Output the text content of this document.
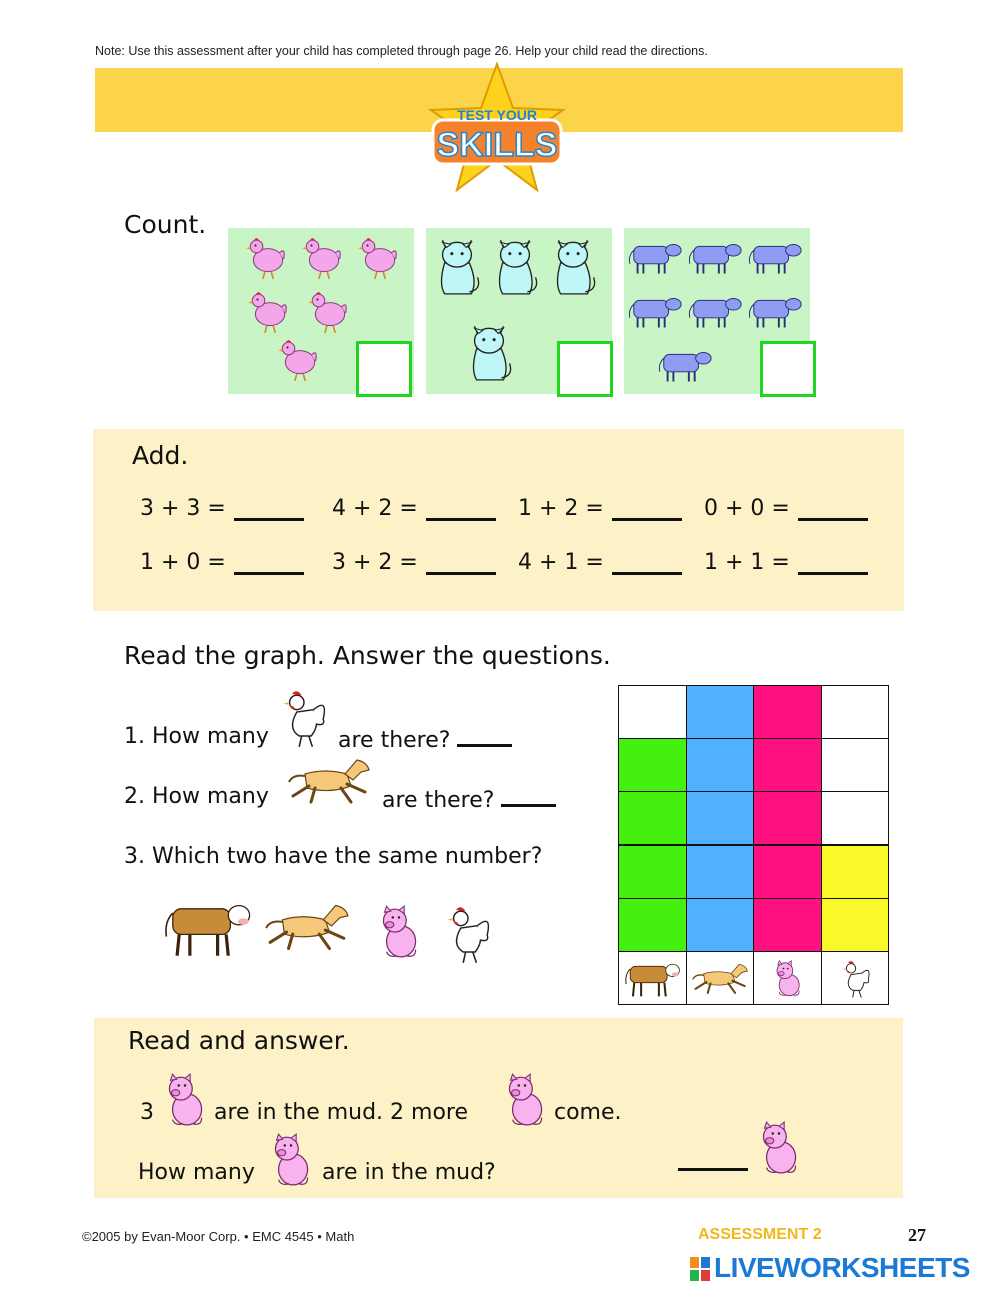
Note: Use this assessment after your child has completed through page 26. Help your child read the directions.
TEST YOUR
SKILLS
Count.
Add.
3 + 3 =	4 + 2 =	1 + 2 =	0 + 0 =
1 + 0 =	3 + 2 =	4 + 1 =	1 + 1 =
Read the graph. Answer the questions.
1. How many	are there?
2. How many	are there?
3. Which two have the same number?
Read and answer.
3	are in the mud. 2 more	come.
How many	are in the mud?
©2005 by Evan-Moor Corp. • EMC 4545 • Math	ASSESSMENT 2	27
LIVEWORKSHEETS
